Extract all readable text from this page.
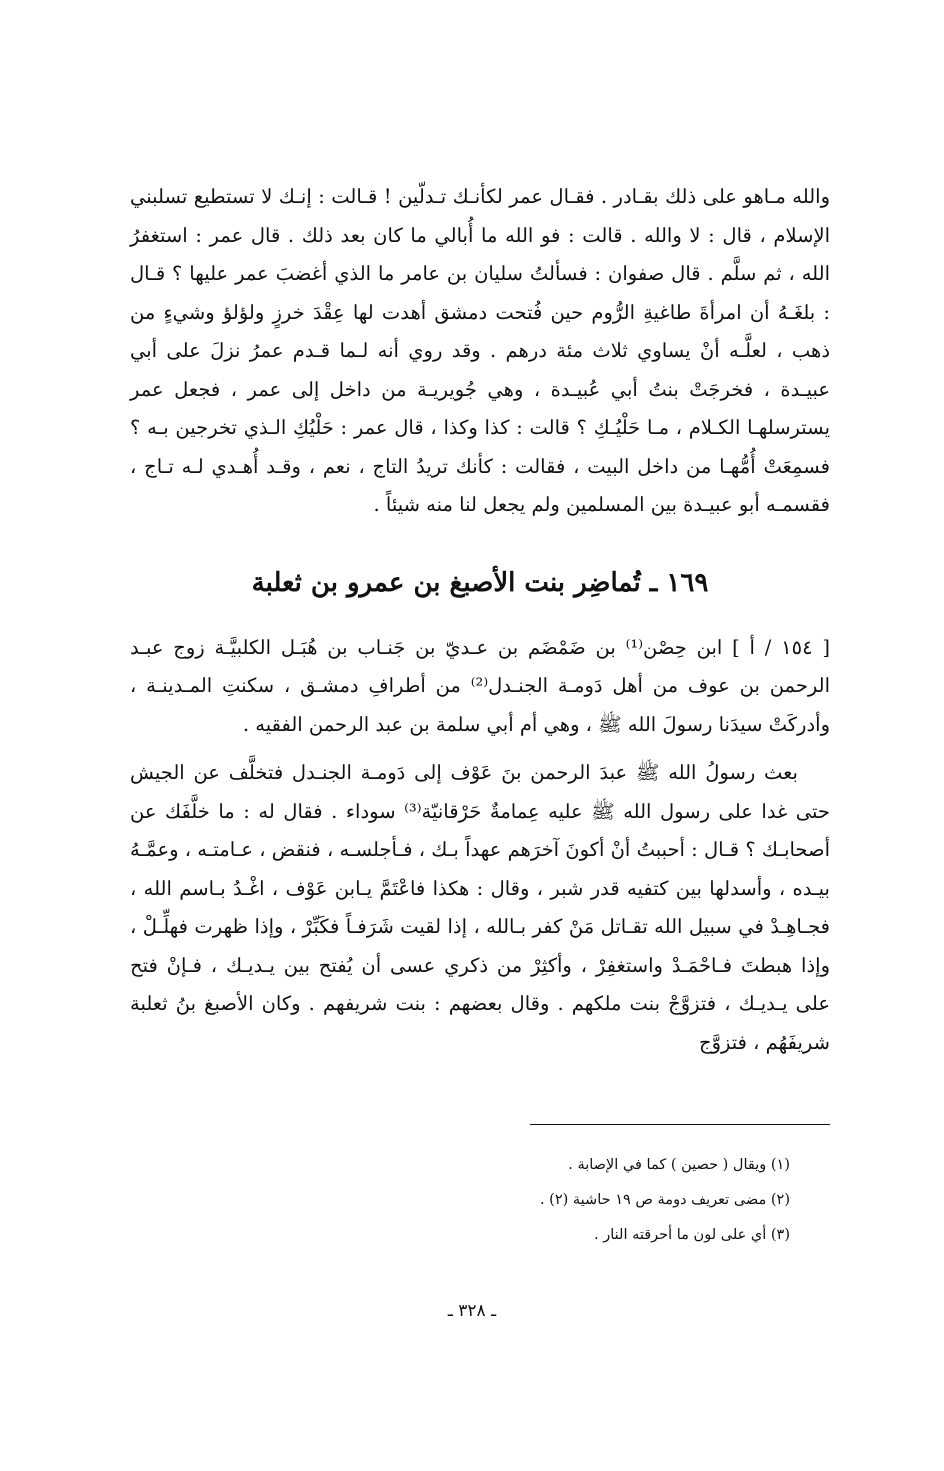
والله مـاهو على ذلك بقـادر . فقـال عمر لكأنـك تـدلّين ! قـالت : إنـك لا تستطيع تسلبني الإسلام ، قال : لا والله . قالت : فو الله ما أُبالي ما كان بعد ذلك . قال عمر : استغفرُ الله ، ثم سلَّم . قال صفوان : فسألتُ سليان بن عامر ما الذي أغضبَ عمر عليها ؟ قـال : بلغَـهُ أن امرأةَ طاغيةِ الرُّوم حين فُتحت دمشق أهدت لها عِقْدَ خرزٍ ولؤلؤ وشيءٍ من ذهب ، لعلَّـه أنْ يساوي ثلاث مئة درهم . وقد روي أنه لـما قـدم عمرُ نزلَ على أبي عبيـدة ، فخرجَتْ بنتُ أبي عُبيـدة ، وهي جُويريـة من داخل إلى عمر ، فجعل عمر يسترسلهـا الكـلام ، مـا حَلْيُـكِ ؟ قالت : كذا وكذا ، قال عمر : حَلْيُكِ الـذي تخرجين بـه ؟ فسمِعَتْ أُمُّهـا من داخل البيت ، فقالت : كأنك تريدُ التاج ، نعم ، وقـد أُهـدي لـه تـاج ، فقسمـه أبو عبيـدة بين المسلمين ولم يجعل لنا منه شيئاً .

١٦٩ ـ تُماضِر بنت الأصبغ بن عمرو بن ثعلبة

[ ١٥٤ / أ ] ابن حِصْن⁽¹⁾ بن ضَمْضَم بن عـديّ بن جَنـاب بن هُبَـل الكلبيَّـة زوج عبـد الرحمن بن عوف من أهل دَومـة الجنـدل⁽²⁾ من أطرافِ دمشـق ، سكنتِ المـدينـة ، وأدركَتْ سيدَنا رسولَ الله ﷺ ، وهي أم أبي سلمة بن عبد الرحمن الفقيه .

بعث رسولُ الله ﷺ عبدَ الرحمن بنَ عَوْف إلى دَومـة الجنـدل فتخلَّف عن الجيش حتى غدا على رسول الله ﷺ عليه عِمامةٌ حَرْقانيّة⁽³⁾ سوداء . فقال له : ما خلَّفَك عن أصحابـك ؟ قـال : أحببتُ أنْ أكونَ آخرَهم عهداً بـك ، فـأجلسـه ، فنقض ، عـامتـه ، وعمَّـهُ بيـده ، وأسدلها بين كتفيه قدر شبر ، وقال : هكذا فاعْتَمَّ يـابن عَوْف ، اغْـدُ بـاسم الله ، فجـاهِـدْ في سبيل الله تقـاتل مَنْ كفر بـالله ، إذا لقيت شَرَفـاً فكَبِّرْ ، وإذا ظهرت فهلِّـلْ ، وإذا هبطتَ فـاحْمَـدْ واستغفِرْ ، وأكثِرْ من ذكري عسى أن يُفتح بين يـديـك ، فـإنْ فتح على يـديـك ، فتزوَّجْ بنت ملكهم . وقال بعضهم : بنت شريفهم . وكان الأصبغ بنُ ثعلبة شريفَهُم ، فتزوَّج

(١) ويقال ( حصين ) كما في الإصابة .

(٢) مضى تعريف دومة ص ١٩ حاشية (٢) .

(٣) أي على لون ما أحرقته النار .

ـ ٣٢٨ ـ
